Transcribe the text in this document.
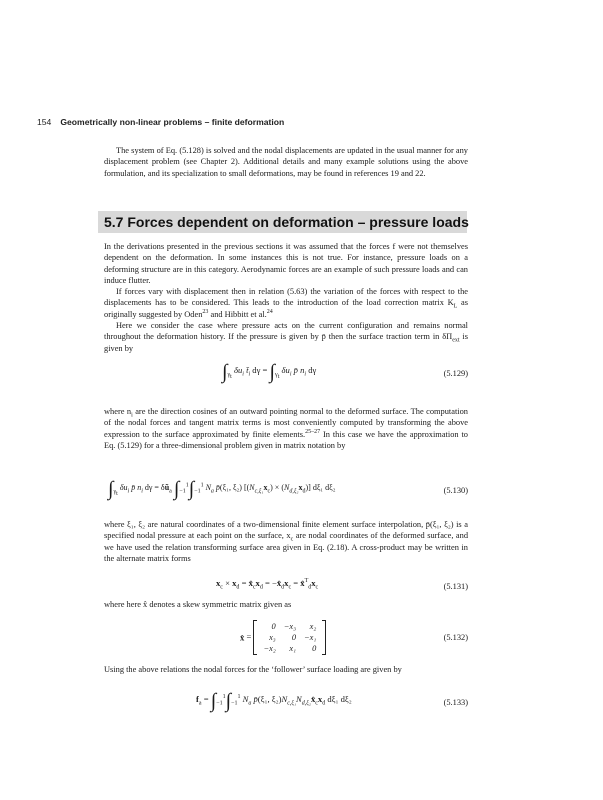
154 Geometrically non-linear problems – finite deformation

The system of Eq. (5.128) is solved and the nodal displacements are updated in the usual manner for any displacement problem (see Chapter 2). Additional details and many example solutions using the above formulation, and its specialization to small deformations, may be found in references 19 and 22.

5.7 Forces dependent on deformation – pressure loads

In the derivations presented in the previous sections it was assumed that the forces f were not themselves dependent on the deformation. In some instances this is not true. For instance, pressure loads on a deforming structure are in this category. Aerodynamic forces are an example of such pressure loads and can induce flutter.

If forces vary with displacement then in relation (5.63) the variation of the forces with respect to the displacements has to be considered. This leads to the introduction of the load correction matrix $K_L$ as originally suggested by Oden$^{23}$ and Hibbitt et al.$^{24}$

Here we consider the case where pressure acts on the current configuration and remains normal throughout the deformation history. If the pressure is given by p̄ then the surface traction term in $\delta\Pi_{ext}$ is given by

$\int_{\gamma_t}$ $\delta u_i$ $t̄_i$ $d\gamma = \int_{\gamma_t}$ $\delta u_i$ p̄ $n_i$ dγ	(5.129)

where $n_i$ are the direction cosines of an outward pointing normal to the deformed surface. The computation of the nodal forces and tangent matrix terms is most conveniently computed by transforming the above expression to the surface approximated by finite elements.$^{25-27}$ In this case we have the approximation to Eq. (5.129) for a three-dimensional problem given in matrix notation by

$\int_{\gamma_t}$ $\delta u_i$ p̄ $n_i$ $d\gamma = \delta ũ_a$ $\int_{-1}^1\int_{-1}^1$ $N_a$ p̄(ξ₁, ξ₂) $[(N_{c,\xi_1}x_c) \times (N_{d,\xi_2}x_d)]$ dξ₁ dξ₂	(5.130)

where ξ₁, ξ₂ are natural coordinates of a two-dimensional finite element surface interpolation, p̄(ξ₁, ξ₂) is a specified nodal pressure at each point on the surface, $x_c$ are nodal coordinates of the deformed surface, and we have used the relation transforming surface area given in Eq. (2.18). A cross-product may be written in the alternate matrix forms

$x_c \times x_d$ = $x̂_cx_d$ = $-x̂_dx_c$ = $x̂^T_dx_c$	(5.131)

where here x̂ denotes a skew symmetric matrix given as

x̂ =
0	−x₃	x₂
x₃	0	−x₁
−x₂	x₁	0
(5.132)

Using the above relations the nodal forces for the ‘follower’ surface loading are given by

$f_a = \int_{-1}^1\int_{-1}^1$ $N_a$ p̄(ξ₁, $\xi_2)N_{c,\xi_1}N_{d,\xi_2}x̂_cx_d$ dξ₁ dξ₂	(5.133)
